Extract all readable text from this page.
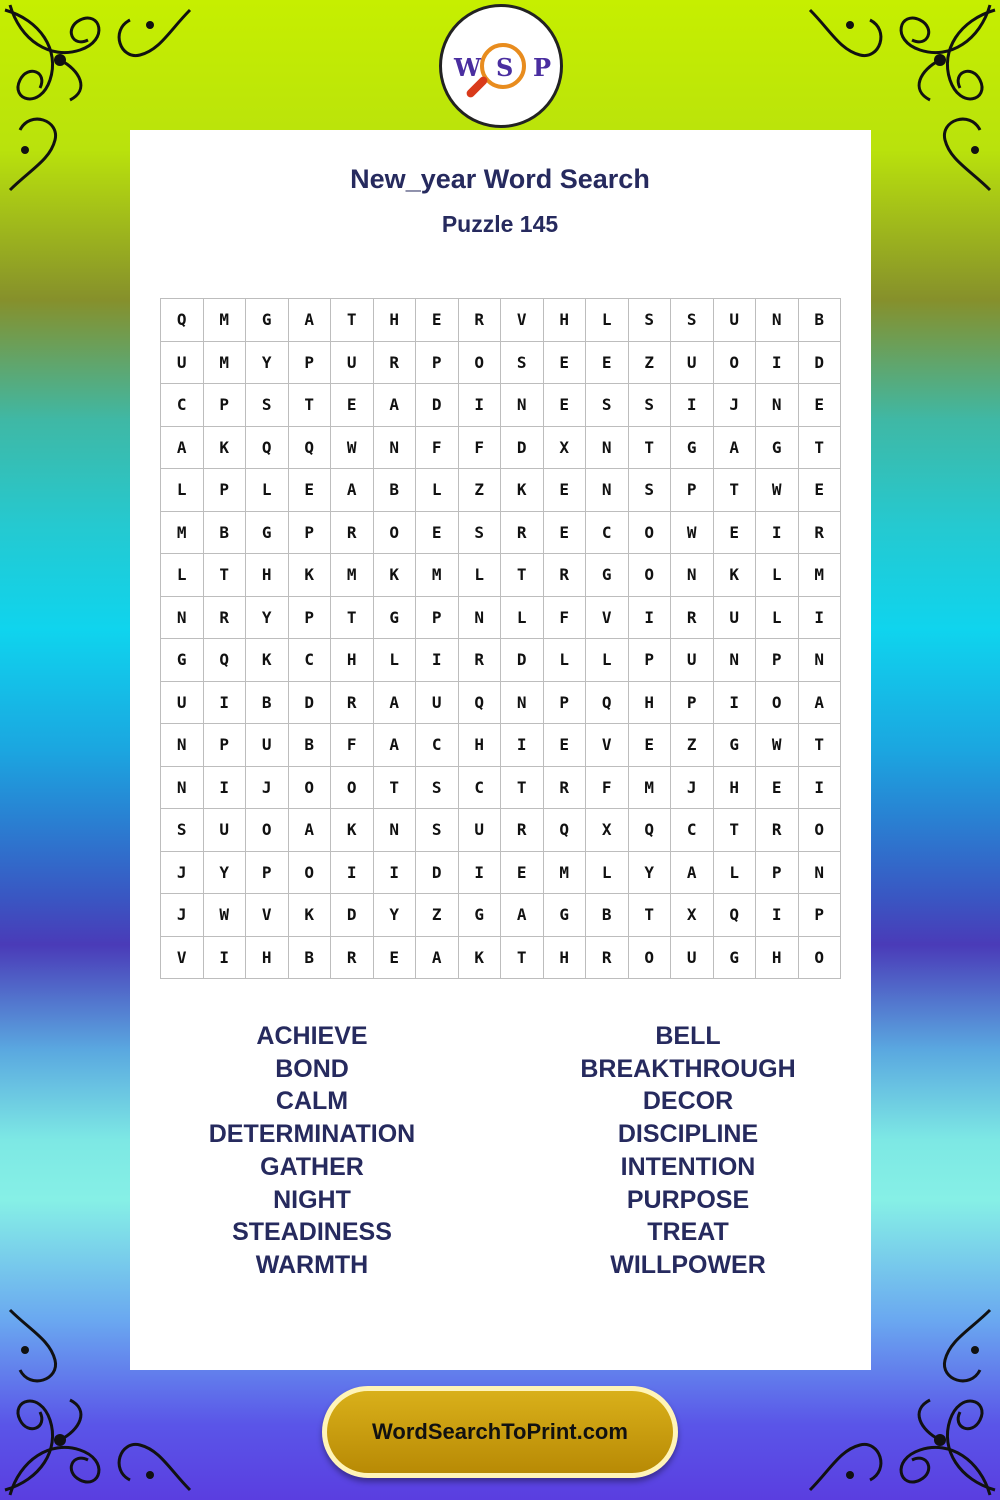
W S P
New_year Word Search
Puzzle 145
Q	M	G	A	T	H	E	R	V	H	L	S	S	U	N	B
U	M	Y	P	U	R	P	O	S	E	E	Z	U	O	I	D
C	P	S	T	E	A	D	I	N	E	S	S	I	J	N	E
A	K	Q	Q	W	N	F	F	D	X	N	T	G	A	G	T
L	P	L	E	A	B	L	Z	K	E	N	S	P	T	W	E
M	B	G	P	R	O	E	S	R	E	C	O	W	E	I	R
L	T	H	K	M	K	M	L	T	R	G	O	N	K	L	M
N	R	Y	P	T	G	P	N	L	F	V	I	R	U	L	I
G	Q	K	C	H	L	I	R	D	L	L	P	U	N	P	N
U	I	B	D	R	A	U	Q	N	P	Q	H	P	I	O	A
N	P	U	B	F	A	C	H	I	E	V	E	Z	G	W	T
N	I	J	O	O	T	S	C	T	R	F	M	J	H	E	I
S	U	O	A	K	N	S	U	R	Q	X	Q	C	T	R	O
J	Y	P	O	I	I	D	I	E	M	L	Y	A	L	P	N
J	W	V	K	D	Y	Z	G	A	G	B	T	X	Q	I	P
V	I	H	B	R	E	A	K	T	H	R	O	U	G	H	O
ACHIEVE
BOND
CALM
DETERMINATION
GATHER
NIGHT
STEADINESS
WARMTH
BELL
BREAKTHROUGH
DECOR
DISCIPLINE
INTENTION
PURPOSE
TREAT
WILLPOWER
WordSearchToPrint.com
